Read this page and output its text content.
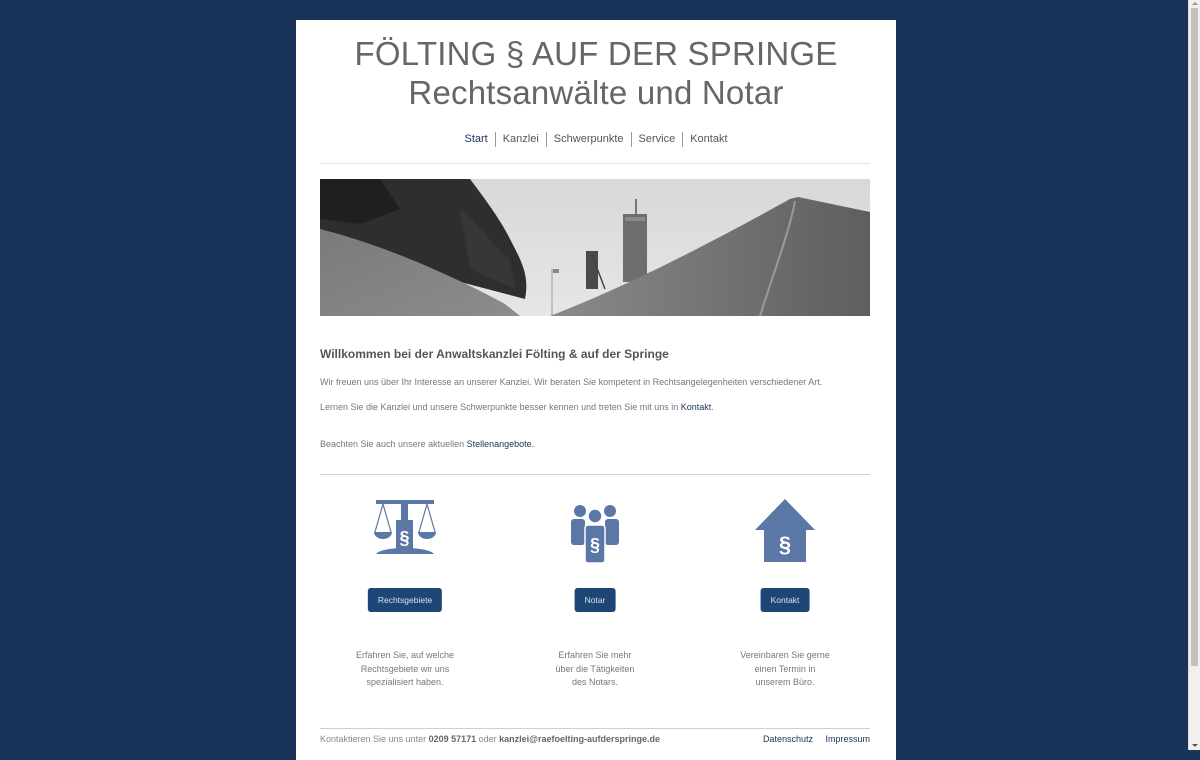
FÖLTING § AUF DER SPRINGE
Rechtsanwälte und Notar
Start	Kanzlei	Schwerpunkte	Service	Kontakt
Willkommen bei der Anwaltskanzlei Fölting & auf der Springe

Wir freuen uns über Ihr Interesse an unserer Kanzlei. Wir beraten Sie kompetent in Rechtsangelegenheiten verschiedener Art.

Lernen Sie die Kanzlei und unsere Schwerpunkte besser kennen und treten Sie mit uns in Kontakt.

Beachten Sie auch unsere aktuellen Stellenangebote.

§
Rechtsgebiete
Erfahren Sie, auf welche
Rechtsgebiete wir uns
spezialisiert haben.
§
Notar
Erfahren Sie mehr
über die Tätigkeiten
des Notars.
§
Kontakt
Vereinbaren Sie gerne
einen Termin in
unserem Büro.
Kontaktieren Sie uns unter 0209 57171 oder kanzlei@raefoelting-aufderspringe.de	Datenschutz Impressum
